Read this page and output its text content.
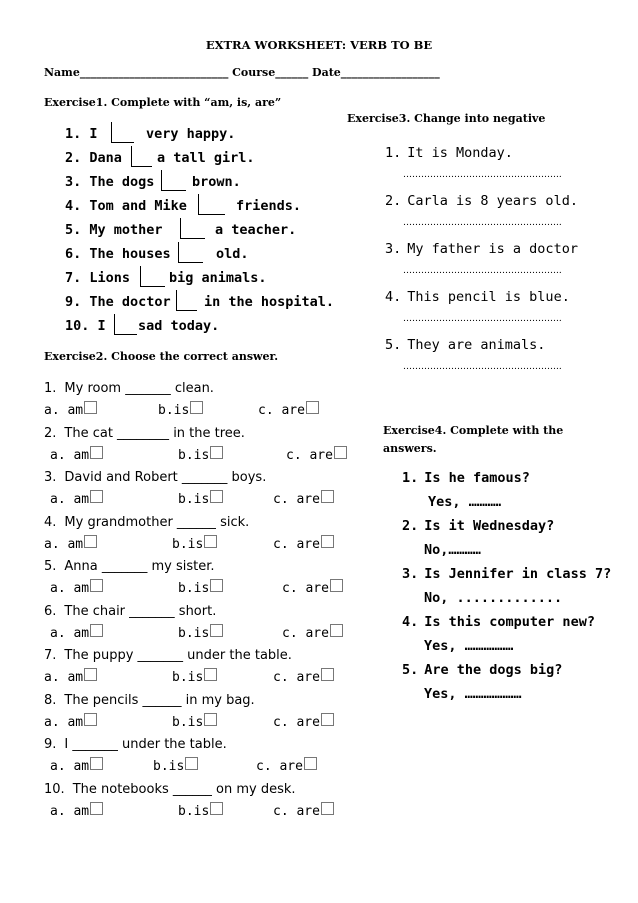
EXTRA WORKSHEET: VERB TO BE
Name___________________________ Course______ Date__________________
Exercise1. Complete with “am, is, are”
1. I	very happy.
2. Dana	a tall girl.
3. The dogs	brown.
4. Tom and Mike	friends.
5. My mother	a teacher.
6. The houses	old.
7. Lions	big animals.
9. The doctor in the hospital.
10. I sad today.
Exercise2. Choose the correct answer.
1. My room _______ clean.
a. am	b.is	c. are
2. The cat ________ in the tree.
a. am	b.is	c. are
3. David and Robert _______ boys.
a. am	b.is	c. are
4. My grandmother ______ sick.
a. am	b.is	c. are
5. Anna _______ my sister.
a. am	b.is	c. are
6. The chair _______ short.
a. am	b.is	c. are
7. The puppy _______ under the table.
a. am	b.is	c. are
8. The pencils ______ in my bag.
a. am	b.is	c. are
9. I _______ under the table.
a. am	b.is	c. are
10. The notebooks ______ on my desk.
a. am	b.is	c. are
Exercise3. Change into negative
1. It is Monday.
……………………………………………..
2. Carla is 8 years old.
……………………………………………..
3. My father is a doctor
……………………………………………..
4. This pencil is blue.
……………………………………………..
5. They are animals.
……………………………………………..
Exercise4. Complete with the
answers.
1. Is he famous?
Yes, …………
2. Is it Wednesday?
No,…………
3. Is Jennifer in class 7?
No, .............
4. Is this computer new?
Yes, ………………
5. Are the dogs big?
Yes, …………………
